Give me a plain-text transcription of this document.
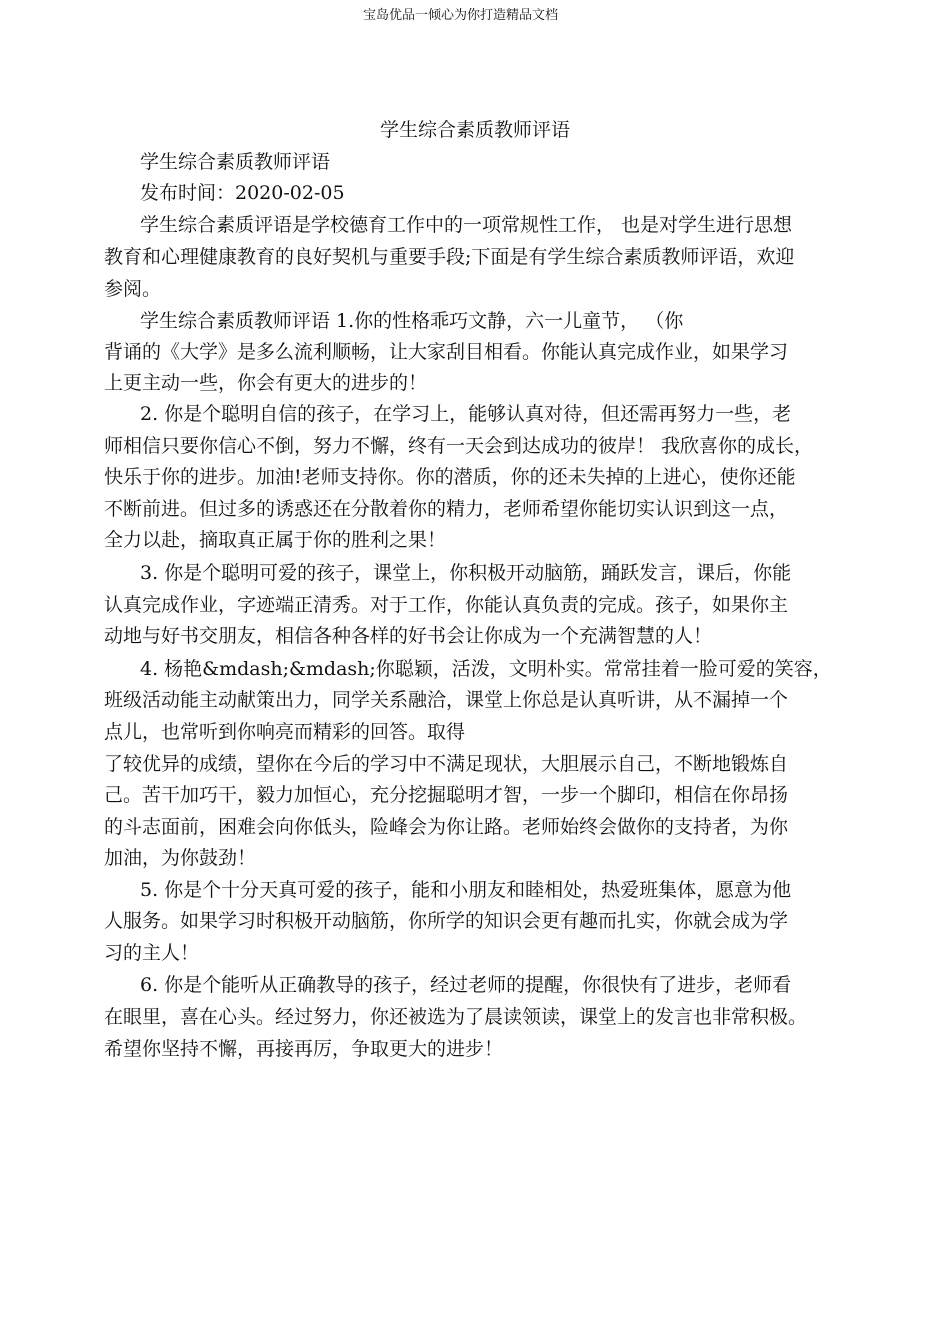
宝岛优品一倾心为你打造精品文档
学生综合素质教师评语
学生综合素质教师评语
发布时间：2020-02-05
学生综合素质评语是学校德育工作中的一项常规性工作， 也是对学生进行思想
教育和心理健康教育的良好契机与重要手段;下面是有学生综合素质教师评语，欢迎
参阅。
学生综合素质教师评语 1.你的性格乖巧文静，六一儿童节， （你
背诵的《大学》是多么流利顺畅，让大家刮目相看。你能认真完成作业，如果学习
上更主动一些，你会有更大的进步的！
2. 你是个聪明自信的孩子，在学习上，能够认真对待，但还需再努力一些，老
师相信只要你信心不倒，努力不懈，终有一天会到达成功的彼岸！ 我欣喜你的成长，
快乐于你的进步。加油!老师支持你。你的潜质，你的还未失掉的上进心，使你还能
不断前进。但过多的诱惑还在分散着你的精力，老师希望你能切实认识到这一点，
全力以赴，摘取真正属于你的胜利之果！
3. 你是个聪明可爱的孩子，课堂上，你积极开动脑筋，踊跃发言，课后，你能
认真完成作业，字迹端正清秀。对于工作，你能认真负责的完成。孩子，如果你主
动地与好书交朋友，相信各种各样的好书会让你成为一个充满智慧的人！
4. 杨艳&mdash;&mdash;你聪颖，活泼，文明朴实。常常挂着一脸可爱的笑容，
班级活动能主动献策出力，同学关系融洽，课堂上你总是认真听讲，从不漏掉一个
点儿，也常听到你响亮而精彩的回答。取得
了较优异的成绩，望你在今后的学习中不满足现状，大胆展示自己，不断地锻炼自
己。苦干加巧干，毅力加恒心，充分挖掘聪明才智，一步一个脚印，相信在你昂扬
的斗志面前，困难会向你低头，险峰会为你让路。老师始终会做你的支持者，为你
加油，为你鼓劲！
5. 你是个十分天真可爱的孩子，能和小朋友和睦相处，热爱班集体，愿意为他
人服务。如果学习时积极开动脑筋，你所学的知识会更有趣而扎实，你就会成为学
习的主人！
6. 你是个能听从正确教导的孩子，经过老师的提醒，你很快有了进步，老师看
在眼里，喜在心头。经过努力，你还被选为了晨读领读，课堂上的发言也非常积极。
希望你坚持不懈，再接再厉，争取更大的进步！
